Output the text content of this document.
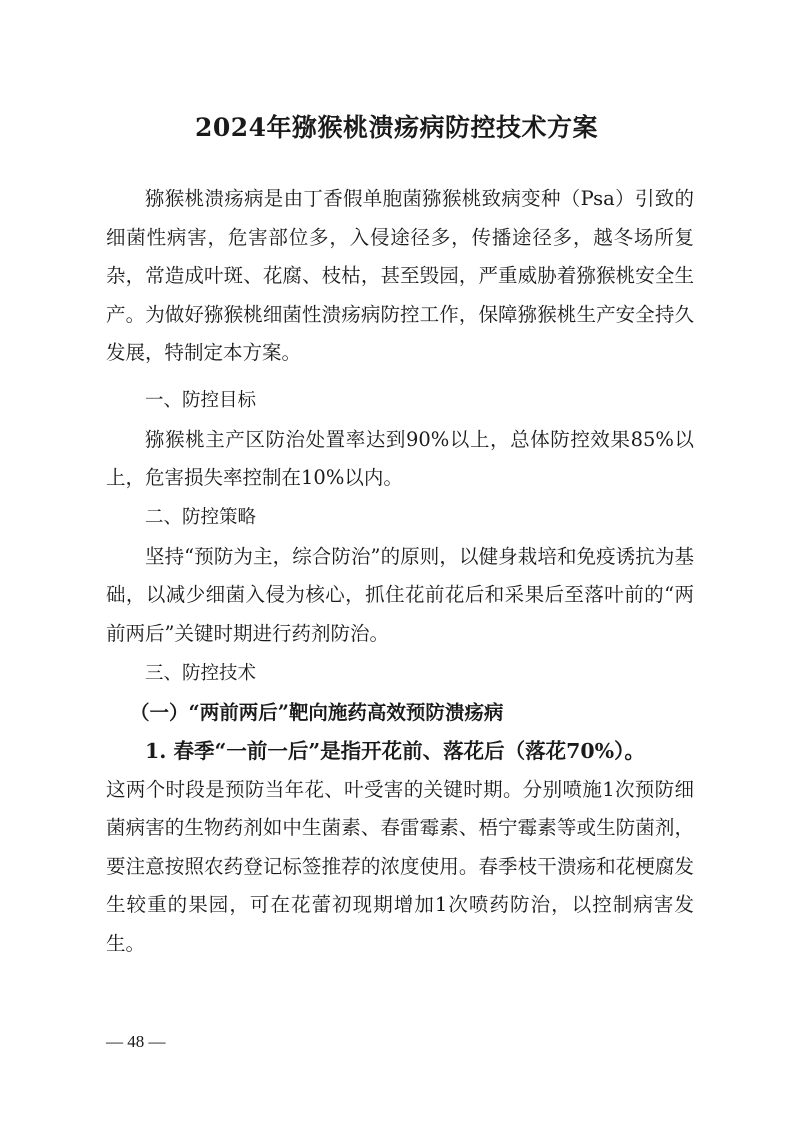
2024年猕猴桃溃疡病防控技术方案

猕猴桃溃疡病是由丁香假单胞菌猕猴桃致病变种（Psa）引致的细菌性病害，危害部位多，入侵途径多，传播途径多，越冬场所复杂，常造成叶斑、花腐、枝枯，甚至毁园，严重威胁着猕猴桃安全生产。为做好猕猴桃细菌性溃疡病防控工作，保障猕猴桃生产安全持久发展，特制定本方案。

一、防控目标

猕猴桃主产区防治处置率达到90%以上，总体防控效果85%以上，危害损失率控制在10%以内。

二、防控策略

坚持“预防为主，综合防治”的原则，以健身栽培和免疫诱抗为基础，以减少细菌入侵为核心，抓住花前花后和采果后至落叶前的“两前两后”关键时期进行药剂防治。

三、防控技术

（一）“两前两后”靶向施药高效预防溃疡病

1. 春季“一前一后”是指开花前、落花后（落花70%）。

这两个时段是预防当年花、叶受害的关键时期。分别喷施1次预防细菌病害的生物药剂如中生菌素、春雷霉素、梧宁霉素等或生防菌剂，要注意按照农药登记标签推荐的浓度使用。春季枝干溃疡和花梗腐发生较重的果园，可在花蕾初现期增加1次喷药防治，以控制病害发生。

— 48 —
